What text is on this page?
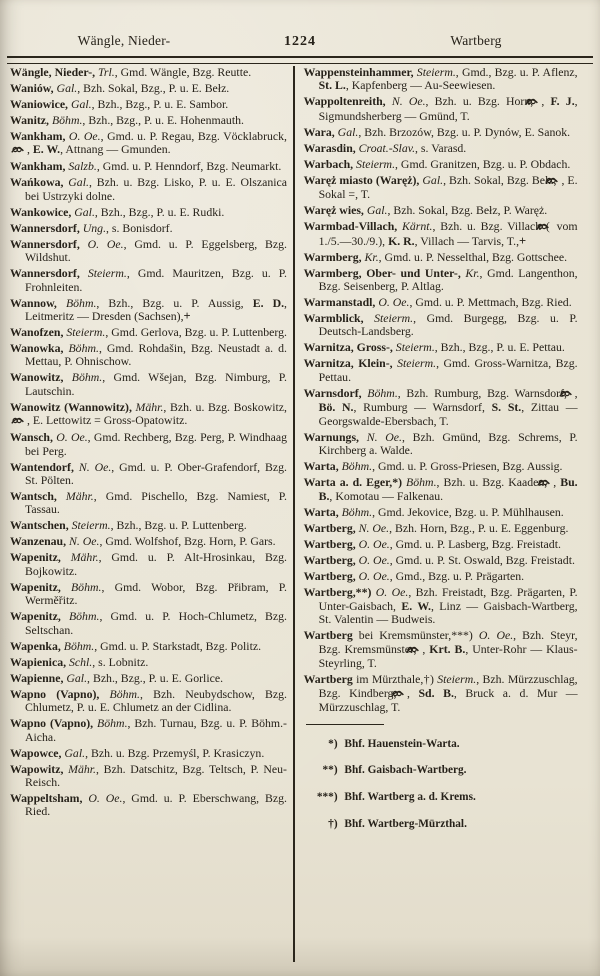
Wängle, Nieder-	1224	Wartberg

Wängle, Nieder-, Trl., Gmd. Wängle, Bzg. Reutte.

Waniów, Gal., Bzh. Sokal, Bzg., P. u. E. Bełz.

Waniowice, Gal., Bzh., Bzg., P. u. E. Sambor.

Wanitz, Böhm., Bzh., Bzg., P. u. E. Hohenmauth.

Wankham, O. Oe., Gmd. u. P. Regau, Bzg. Vöcklabruck, , E. W., Attnang — Gmunden.

Wankham, Salzb., Gmd. u. P. Henndorf, Bzg. Neumarkt.

Wańkowa, Gal., Bzh. u. Bzg. Lisko, P. u. E. Olszanica bei Ustrzyki dolne.

Wankowice, Gal., Bzh., Bzg., P. u. E. Rudki.

Wannersdorf, Ung., s. Bonisdorf.

Wannersdorf, O. Oe., Gmd. u. P. Eggelsberg, Bzg. Wildshut.

Wannersdorf, Steierm., Gmd. Mauritzen, Bzg. u. P. Frohnleiten.

Wannow, Böhm., Bzh., Bzg. u. P. Aussig, E. D., Leitmeritz — Dresden (Sachsen),+

Wanofzen, Steierm., Gmd. Gerlova, Bzg. u. P. Luttenberg.

Wanowka, Böhm., Gmd. Rohdašin, Bzg. Neustadt a. d. Mettau, P. Ohnischow.

Wanowitz, Böhm., Gmd. Wšejan, Bzg. Nimburg, P. Lautschin.

Wanowitz (Wannowitz), Mähr., Bzh. u. Bzg. Boskowitz, , E. Lettowitz = Gross-Opatowitz.

Wansch, O. Oe., Gmd. Rechberg, Bzg. Perg, P. Windhaag bei Perg.

Wantendorf, N. Oe., Gmd. u. P. Ober-Grafendorf, Bzg. St. Pölten.

Wantsch, Mähr., Gmd. Pischello, Bzg. Namiest, P. Tassau.

Wantschen, Steierm., Bzh., Bzg. u. P. Luttenberg.

Wanzenau, N. Oe., Gmd. Wolfshof, Bzg. Horn, P. Gars.

Wapenitz, Mähr., Gmd. u. P. Alt-Hrosinkau, Bzg. Bojkowitz.

Wapenitz, Böhm., Gmd. Wobor, Bzg. Přibram, P. Werměřitz.

Wapenitz, Böhm., Gmd. u. P. Hoch-Chlumetz, Bzg. Seltschan.

Wapenka, Böhm., Gmd. u. P. Starkstadt, Bzg. Politz.

Wapienica, Schl., s. Lobnitz.

Wapienne, Gal., Bzh., Bzg., P. u. E. Gorlice.

Wapno (Vapno), Böhm., Bzh. Neubydschow, Bzg. Chlumetz, P. u. E. Chlumetz an der Cidlina.

Wapno (Vapno), Böhm., Bzh. Turnau, Bzg. u. P. Böhm.-Aicha.

Wapowce, Gal., Bzh. u. Bzg. Przemyśl, P. Krasiczyn.

Wapowitz, Mähr., Bzh. Datschitz, Bzg. Teltsch, P. Neu-Reisch.

Wappeltsham, O. Oe., Gmd. u. P. Eberschwang, Bzg. Ried.

Wappensteinhammer, Steierm., Gmd., Bzg. u. P. Aflenz, St. L., Kapfenberg — Au-Seewiesen.

Wappoltenreith, N. Oe., Bzh. u. Bzg. Horn, , F. J., Sigmundsherberg — Gmünd, T.

Wara, Gal., Bzh. Brzozów, Bzg. u. P. Dynów, E. Sanok.

Warasdin, Croat.-Slav., s. Varasd.

Warbach, Steierm., Gmd. Granitzen, Bzg. u. P. Obdach.

Waręż miasto (Waręż), Gal., Bzh. Sokal, Bzg. Bełz, , E. Sokal =, T.

Waręż wies, Gal., Bzh. Sokal, Bzg. Bełz, P. Waręż.

Warmbad-Villach, Kärnt., Bzh. u. Bzg. Villach ( vom 1./5.—30./9.), K. R., Villach — Tarvis, T.,+

Warmberg, Kr., Gmd. u. P. Nesselthal, Bzg. Gottschee.

Warmberg, Ober- und Unter-, Kr., Gmd. Langenthon, Bzg. Seisenberg, P. Altlag.

Warmanstadl, O. Oe., Gmd. u. P. Mettmach, Bzg. Ried.

Warmblick, Steierm., Gmd. Burgegg, Bzg. u. P. Deutsch-Landsberg.

Warnitza, Gross-, Steierm., Bzh., Bzg., P. u. E. Pettau.

Warnitza, Klein-, Steierm., Gmd. Gross-Warnitza, Bzg. Pettau.

Warnsdorf, Böhm., Bzh. Rumburg, Bzg. Warnsdorf, , Bö. N., Rumburg — Warnsdorf, S. St., Zittau — Georgswalde-Ebersbach, T.

Warnungs, N. Oe., Bzh. Gmünd, Bzg. Schrems, P. Kirchberg a. Walde.

Warta, Böhm., Gmd. u. P. Gross-Priesen, Bzg. Aussig.

Warta a. d. Eger,*) Böhm., Bzh. u. Bzg. Kaaden, , Bu. B., Komotau — Falkenau.

Warta, Böhm., Gmd. Jekovice, Bzg. u. P. Mühlhausen.

Wartberg, N. Oe., Bzh. Horn, Bzg., P. u. E. Eggenburg.

Wartberg, O. Oe., Gmd. u. P. Lasberg, Bzg. Freistadt.

Wartberg, O. Oe., Gmd. u. P. St. Oswald, Bzg. Freistadt.

Wartberg, O. Oe., Gmd., Bzg. u. P. Prägarten.

Wartberg,**) O. Oe., Bzh. Freistadt, Bzg. Prägarten, P. Unter-Gaisbach, E. W., Linz — Gaisbach-Wartberg, St. Valentin — Budweis.

Wartberg bei Kremsmünster,***) O. Oe., Bzh. Steyr, Bzg. Kremsmünster, , Krt. B., Unter-Rohr — Klaus-Steyrling, T.

Wartberg im Mürzthale,†) Steierm., Bzh. Mürzzuschlag, Bzg. Kindberg, , Sd. B., Bruck a. d. Mur — Mürzzuschlag, T.

*) Bhf. Hauenstein-Warta.

**) Bhf. Gaisbach-Wartberg.

***) Bhf. Wartberg a. d. Krems.

†) Bhf. Wartberg-Mürzthal.
